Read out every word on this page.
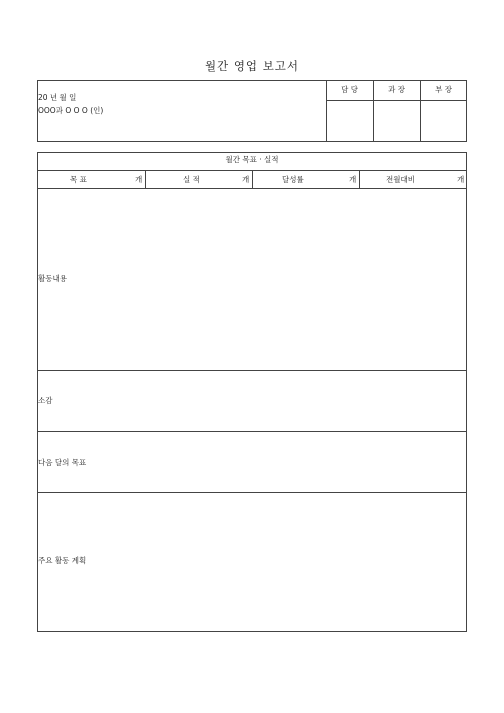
월간 영업 보고서
20 년 월 일
OOO과 O O O (인)
담 당	과 장	부 장
월간 목표 · 실적
목 표	개	실 적	개	달성률	개	전월대비	개
활동내용
소감
다음 달의 목표
주요 활동 계획
